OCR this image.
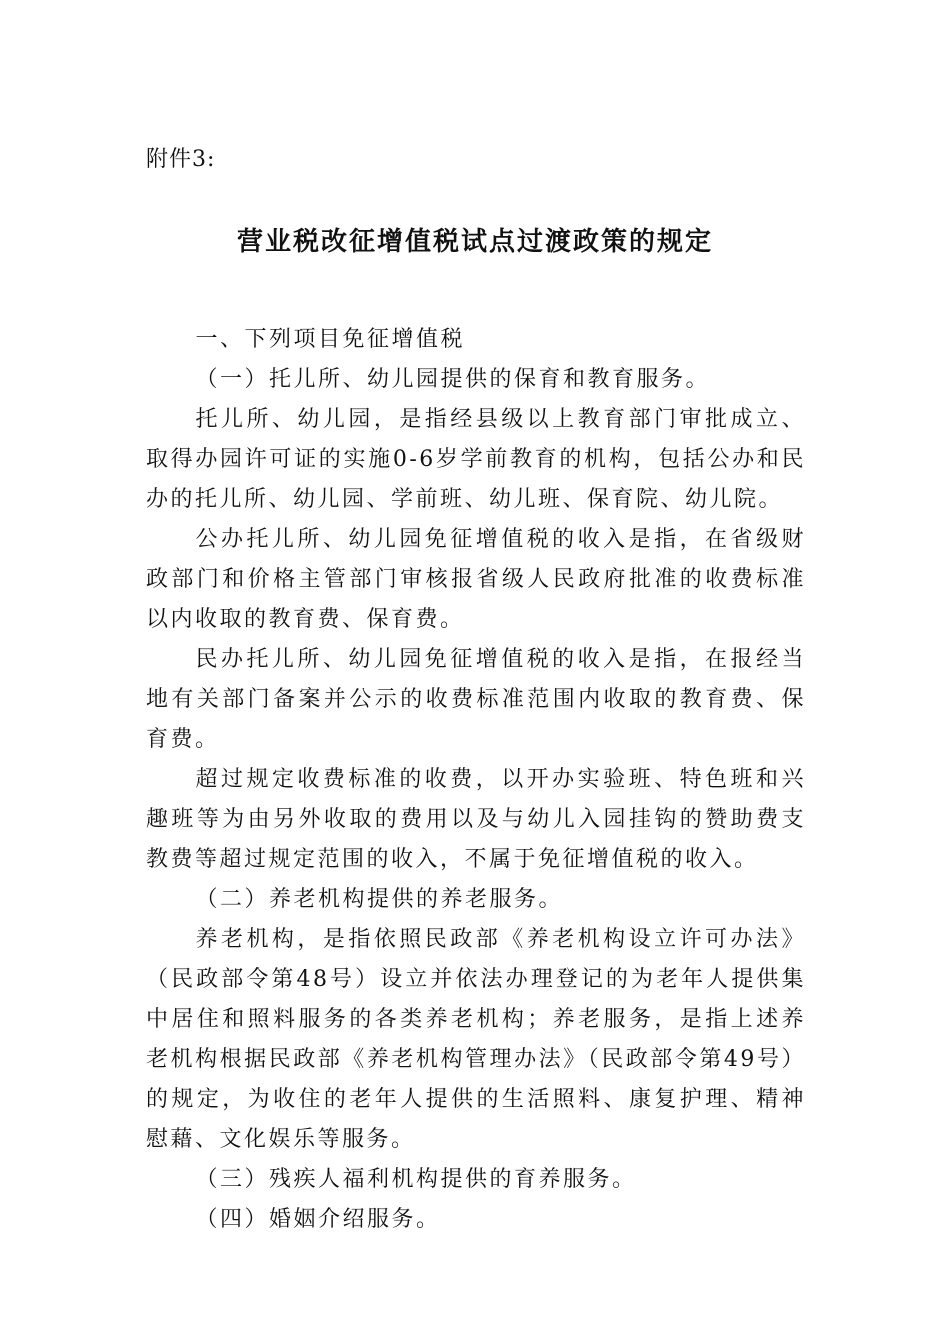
附件3:
营业税改征增值税试点过渡政策的规定

一、下列项目免征增值税

（一）托儿所、幼儿园提供的保育和教育服务。

托儿所、幼儿园，是指经县级以上教育部门审批成立、取得办园许可证的实施0-6岁学前教育的机构，包括公办和民办的托儿所、幼儿园、学前班、幼儿班、保育院、幼儿院。

公办托儿所、幼儿园免征增值税的收入是指，在省级财政部门和价格主管部门审核报省级人民政府批准的收费标准以内收取的教育费、保育费。

民办托儿所、幼儿园免征增值税的收入是指，在报经当地有关部门备案并公示的收费标准范围内收取的教育费、保育费。

超过规定收费标准的收费，以开办实验班、特色班和兴趣班等为由另外收取的费用以及与幼儿入园挂钩的赞助费支教费等超过规定范围的收入，不属于免征增值税的收入。

（二）养老机构提供的养老服务。

养老机构，是指依照民政部《养老机构设立许可办法》（民政部令第48号）设立并依法办理登记的为老年人提供集中居住和照料服务的各类养老机构；养老服务，是指上述养老机构根据民政部《养老机构管理办法》（民政部令第49号）的规定，为收住的老年人提供的生活照料、康复护理、精神慰藉、文化娱乐等服务。

（三）残疾人福利机构提供的育养服务。

（四）婚姻介绍服务。
